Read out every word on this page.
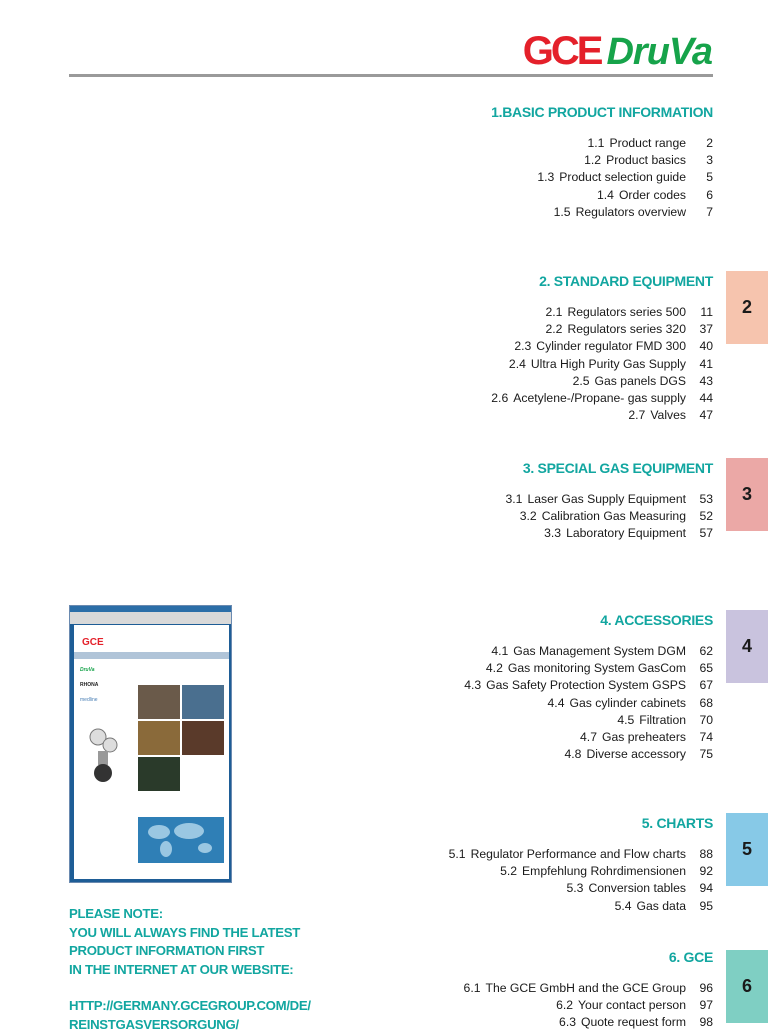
GCE DruVa
1.BASIC PRODUCT INFORMATION
1.1 Product range	2
1.2 Product basics	3
1.3 Product selection guide	5
1.4 Order codes	6
1.5 Regulators overview	7
2. STANDARD EQUIPMENT
2.1 Regulators series 500	11
2.2 Regulators series 320	37
2.3 Cylinder regulator FMD 300	40
2.4 Ultra High Purity Gas Supply	41
2.5 Gas panels DGS	43
2.6 Acetylene-/Propane- gas supply	44
2.7 Valves	47
3. SPECIAL GAS EQUIPMENT
3.1 Laser Gas Supply Equipment	53
3.2 Calibration Gas Measuring	52
3.3 Laboratory Equipment	57
4. ACCESSORIES
4.1 Gas Management System DGM	62
4.2 Gas monitoring System GasCom	65
4.3 Gas Safety Protection System GSPS	67
4.4 Gas cylinder cabinets	68
4.5 Filtration	70
4.7 Gas preheaters	74
4.8 Diverse accessory	75
5. CHARTS
5.1 Regulator Performance and Flow charts	88
5.2 Empfehlung Rohrdimensionen	92
5.3 Conversion tables	94
5.4 Gas data	95
6. GCE
6.1 The GCE GmbH and the GCE Group	96
6.2 Your contact person	97
6.3 Quote request form	98
2
3
4
5
6
GCE
DruVa
RHONA
medline
PLEASE NOTE:
YOU WILL ALWAYS FIND THE LATEST
PRODUCT INFORMATION FIRST
IN THE INTERNET AT OUR WEBSITE:
HTTP://GERMANY.GCEGROUP.COM/DE/
REINSTGASVERSORGUNG/
